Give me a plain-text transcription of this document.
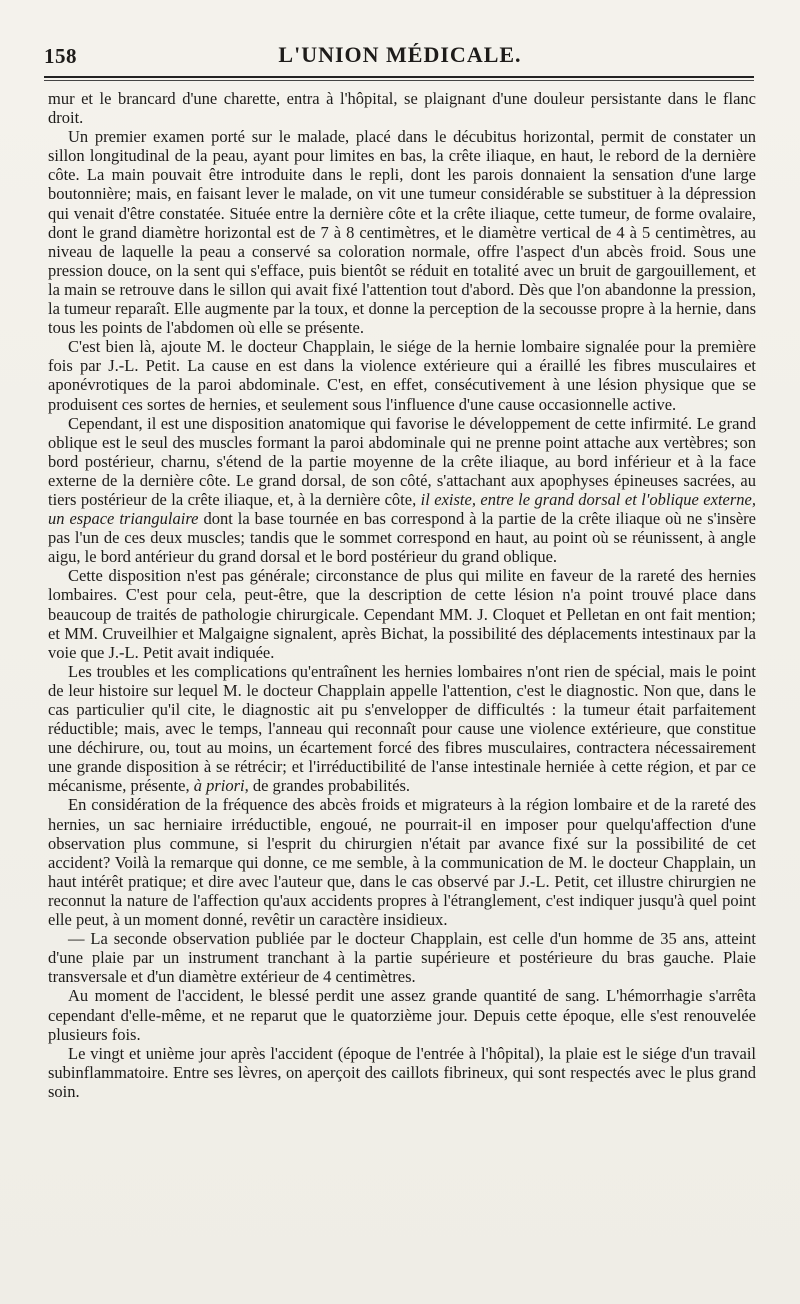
158	L'UNION MÉDICALE.

mur et le brancard d'une charette, entra à l'hôpital, se plaignant d'une douleur persistante dans le flanc droit.

Un premier examen porté sur le malade, placé dans le décubitus horizontal, permit de constater un sillon longitudinal de la peau, ayant pour limites en bas, la crête iliaque, en haut, le rebord de la dernière côte. La main pouvait être introduite dans le repli, dont les parois donnaient la sensation d'une large boutonnière; mais, en faisant lever le malade, on vit une tumeur considérable se substituer à la dépression qui venait d'être constatée. Située entre la dernière côte et la crête iliaque, cette tumeur, de forme ovalaire, dont le grand diamètre horizontal est de 7 à 8 centimètres, et le diamètre vertical de 4 à 5 centimètres, au niveau de laquelle la peau a conservé sa coloration normale, offre l'aspect d'un abcès froid. Sous une pression douce, on la sent qui s'efface, puis bientôt se réduit en totalité avec un bruit de gargouillement, et la main se retrouve dans le sillon qui avait fixé l'attention tout d'abord. Dès que l'on abandonne la pression, la tumeur reparaît. Elle augmente par la toux, et donne la perception de la secousse propre à la hernie, dans tous les points de l'abdomen où elle se présente.

C'est bien là, ajoute M. le docteur Chapplain, le siége de la hernie lombaire signalée pour la première fois par J.-L. Petit. La cause en est dans la violence extérieure qui a éraillé les fibres musculaires et aponévrotiques de la paroi abdominale. C'est, en effet, consécutivement à une lésion physique que se produisent ces sortes de hernies, et seulement sous l'influence d'une cause occasionnelle active.

Cependant, il est une disposition anatomique qui favorise le développement de cette infirmité. Le grand oblique est le seul des muscles formant la paroi abdominale qui ne prenne point attache aux vertèbres; son bord postérieur, charnu, s'étend de la partie moyenne de la crête iliaque, au bord inférieur et à la face externe de la dernière côte. Le grand dorsal, de son côté, s'attachant aux apophyses épineuses sacrées, au tiers postérieur de la crête iliaque, et, à la dernière côte, il existe, entre le grand dorsal et l'oblique externe, un espace triangulaire dont la base tournée en bas correspond à la partie de la crête iliaque où ne s'insère pas l'un de ces deux muscles; tandis que le sommet correspond en haut, au point où se réunissent, à angle aigu, le bord antérieur du grand dorsal et le bord postérieur du grand oblique.

Cette disposition n'est pas générale; circonstance de plus qui milite en faveur de la rareté des hernies lombaires. C'est pour cela, peut-être, que la description de cette lésion n'a point trouvé place dans beaucoup de traités de pathologie chirurgicale. Cependant MM. J. Cloquet et Pelletan en ont fait mention; et MM. Cruveilhier et Malgaigne signalent, après Bichat, la possibilité des déplacements intestinaux par la voie que J.-L. Petit avait indiquée.

Les troubles et les complications qu'entraînent les hernies lombaires n'ont rien de spécial, mais le point de leur histoire sur lequel M. le docteur Chapplain appelle l'attention, c'est le diagnostic. Non que, dans le cas particulier qu'il cite, le diagnostic ait pu s'envelopper de difficultés : la tumeur était parfaitement réductible; mais, avec le temps, l'anneau qui reconnaît pour cause une violence extérieure, que constitue une déchirure, ou, tout au moins, un écartement forcé des fibres musculaires, contractera nécessairement une grande disposition à se rétrécir; et l'irréductibilité de l'anse intestinale herniée à cette région, et par ce mécanisme, présente, à priori, de grandes probabilités.

En considération de la fréquence des abcès froids et migrateurs à la région lombaire et de la rareté des hernies, un sac herniaire irréductible, engoué, ne pourrait-il en imposer pour quelqu'affection d'une observation plus commune, si l'esprit du chirurgien n'était par avance fixé sur la possibilité de cet accident? Voilà la remarque qui donne, ce me semble, à la communication de M. le docteur Chapplain, un haut intérêt pratique; et dire avec l'auteur que, dans le cas observé par J.-L. Petit, cet illustre chirurgien ne reconnut la nature de l'affection qu'aux accidents propres à l'étranglement, c'est indiquer jusqu'à quel point elle peut, à un moment donné, revêtir un caractère insidieux.

— La seconde observation publiée par le docteur Chapplain, est celle d'un homme de 35 ans, atteint d'une plaie par un instrument tranchant à la partie supérieure et postérieure du bras gauche. Plaie transversale et d'un diamètre extérieur de 4 centimètres.

Au moment de l'accident, le blessé perdit une assez grande quantité de sang. L'hémorrhagie s'arrêta cependant d'elle-même, et ne reparut que le quatorzième jour. Depuis cette époque, elle s'est renouvelée plusieurs fois.

Le vingt et unième jour après l'accident (époque de l'entrée à l'hôpital), la plaie est le siége d'un travail subinflammatoire. Entre ses lèvres, on aperçoit des caillots fibrineux, qui sont respectés avec le plus grand soin.
